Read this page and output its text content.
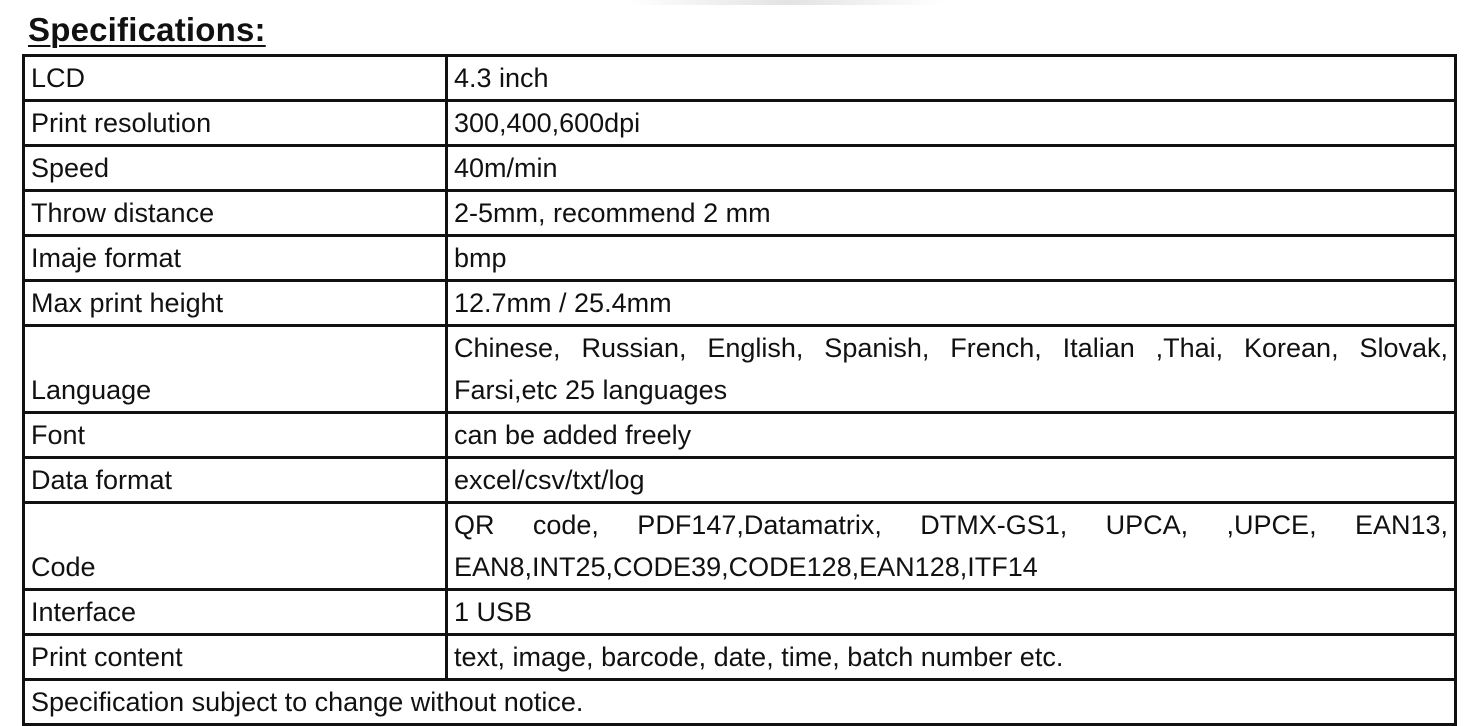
Specifications:
LCD	4.3 inch
Print resolution	300,400,600dpi
Speed	40m/min
Throw distance	2-5mm, recommend 2 mm
Imaje format	bmp
Max print height	12.7mm / 25.4mm
Language	Chinese, Russian, English, Spanish, French, Italian ,Thai, Korean, Slovak, Farsi,etc 25 languages
Font	can be added freely
Data format	excel/csv/txt/log
Code	QR code, PDF147,Datamatrix, DTMX-GS1, UPCA, ,UPCE, EAN13, EAN8,INT25,CODE39,CODE128,EAN128,ITF14
Interface	1 USB
Print content	text, image, barcode, date, time, batch number etc.
Specification subject to change without notice.	
